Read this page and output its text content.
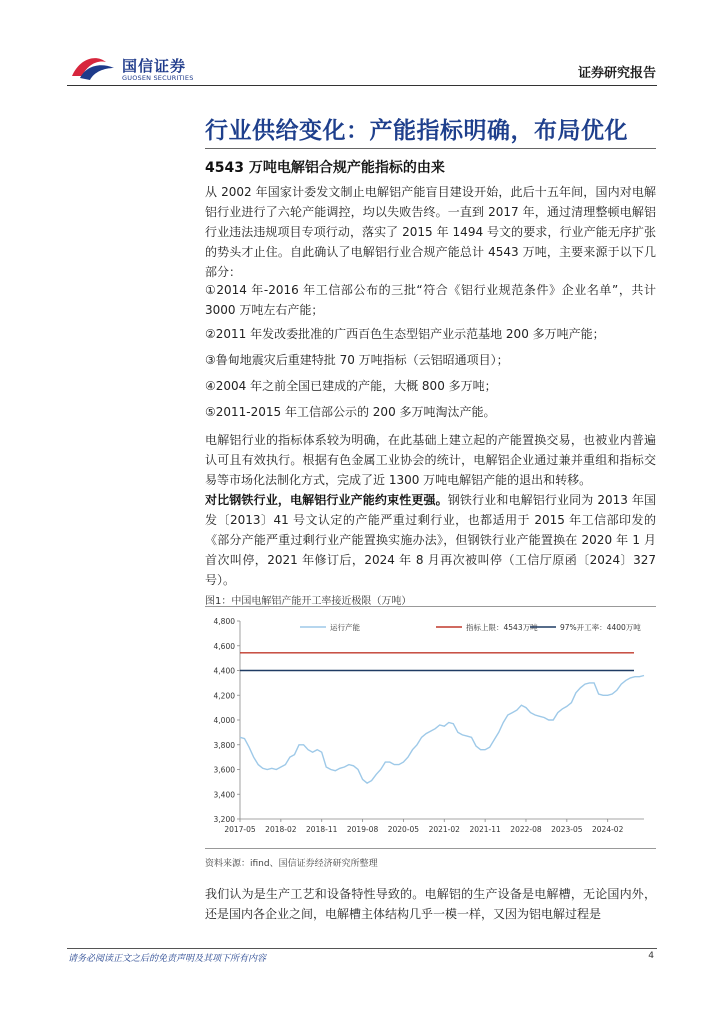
国信证券
GUOSEN SECURITIES	证券研究报告
行业供给变化：产能指标明确，布局优化
4543 万吨电解铝合规产能指标的由来

从 2002 年国家计委发文制止电解铝产能盲目建设开始，此后十五年间，国内对电解铝行业进行了六轮产能调控，均以失败告终。一直到 2017 年，通过清理整顿电解铝行业违法违规项目专项行动，落实了 2015 年 1494 号文的要求，行业产能无序扩张的势头才止住。自此确认了电解铝行业合规产能总计 4543 万吨，主要来源于以下几部分：

①2014 年-2016 年工信部公布的三批“符合《铝行业规范条件》企业名单”，共计 3000 万吨左右产能；

②2011 年发改委批准的广西百色生态型铝产业示范基地 200 多万吨产能；

③鲁甸地震灾后重建特批 70 万吨指标（云铝昭通项目）；

④2004 年之前全国已建成的产能，大概 800 多万吨；

⑤2011-2015 年工信部公示的 200 多万吨淘汰产能。

电解铝行业的指标体系较为明确，在此基础上建立起的产能置换交易，也被业内普遍认可且有效执行。根据有色金属工业协会的统计，电解铝企业通过兼并重组和指标交易等市场化法制化方式，完成了近 1300 万吨电解铝产能的退出和转移。

对比钢铁行业，电解铝行业产能约束性更强。钢铁行业和电解铝行业同为 2013 年国发〔2013〕41 号文认定的产能严重过剩行业，也都适用于 2015 年工信部印发的《部分产能严重过剩行业产能置换实施办法》，但钢铁行业产能置换在 2020 年 1 月首次叫停，2021 年修订后，2024 年 8 月再次被叫停（工信厅原函〔2024〕327 号）。

图1：中国电解铝产能开工率接近极限（万吨）
3,200
3,400
3,600
3,800
4,000
4,200
4,400
4,600
4,800
2017-05 2018-02 2018-11 2019-08 2020-05 2021-02 2021-11 2022-08 2023-05 2024-02
运行产能	指标上限：4543万吨	97%开工率：4400万吨
资料来源：ifind、国信证券经济研究所整理

我们认为是生产工艺和设备特性导致的。电解铝的生产设备是电解槽，无论国内外，还是国内各企业之间，电解槽主体结构几乎一模一样，又因为铝电解过程是

请务必阅读正文之后的免责声明及其项下所有内容	4
